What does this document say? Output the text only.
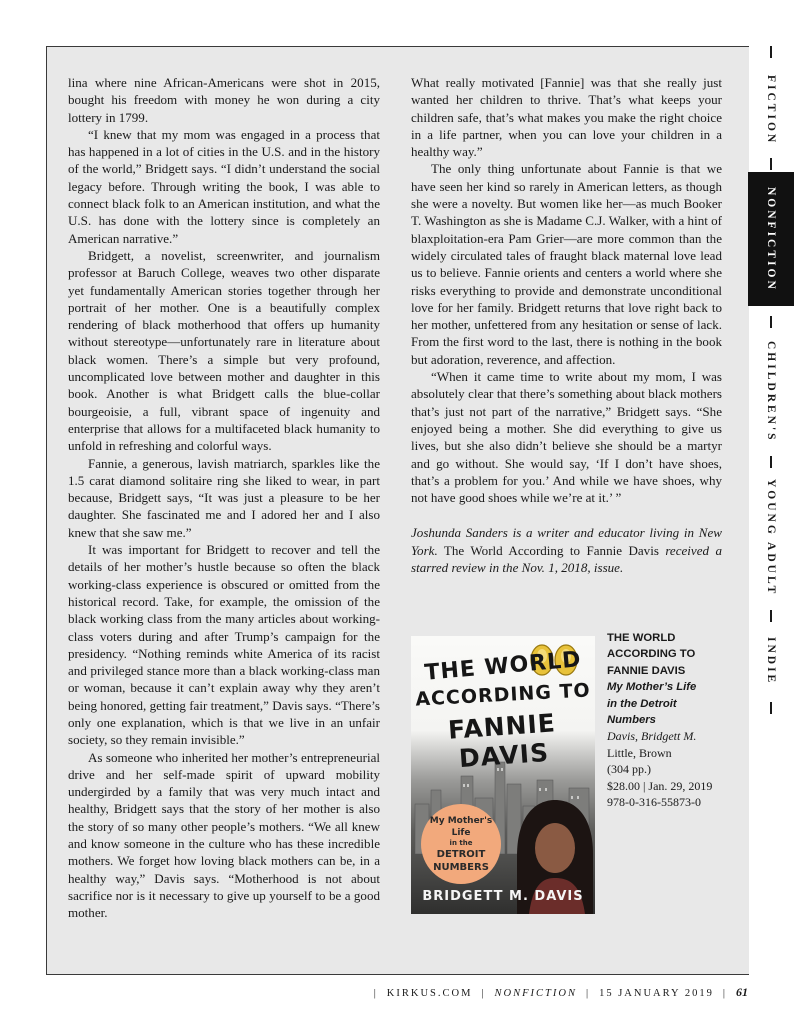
lina where nine African-Americans were shot in 2015, bought his freedom with money he won during a city lottery in 1799.

“I knew that my mom was engaged in a process that has happened in a lot of cities in the U.S. and in the history of the world,” Bridgett says. “I didn’t understand the social legacy before. Through writing the book, I was able to connect black folk to an American institution, and what the U.S. has done with the lottery since is completely an American narrative.”

Bridgett, a novelist, screenwriter, and journalism professor at Baruch College, weaves two other disparate yet fundamentally American stories together through her portrait of her mother. One is a beautifully complex rendering of black motherhood that offers up humanity without stereotype—unfortunately rare in literature about black women. There’s a simple but very profound, uncomplicated love between mother and daughter in this book. Another is what Bridgett calls the blue-collar bourgeoisie, a full, vibrant space of ingenuity and enterprise that allows for a multifaceted black humanity to unfold in refreshing and colorful ways.

Fannie, a generous, lavish matriarch, sparkles like the 1.5 carat diamond solitaire ring she liked to wear, in part because, Bridgett says, “It was just a pleasure to be her daughter. She fascinated me and I adored her and I also knew that she saw me.”

It was important for Bridgett to recover and tell the details of her mother’s hustle because so often the black working-class experience is obscured or omitted from the historical record. Take, for example, the omission of the black working class from the many articles about working-class voters during and after Trump’s campaign for the presidency. “Nothing reminds white America of its racist and privileged stance more than a black working-class man or woman, because it can’t explain away why they aren’t being honored, getting fair treatment,” Davis says. “There’s only one explanation, which is that we live in an unfair society, so they remain invisible.”

As someone who inherited her mother’s entrepreneurial drive and her self-made spirit of upward mobility undergirded by a family that was very much intact and healthy, Bridgett says that the story of her mother is also the story of so many other people’s mothers. “We all knew and know someone in the culture who has these incredible mothers. We forget how loving black mothers can be, in a healthy way,” Davis says. “Motherhood is not about sacrifice nor is it necessary to give up yourself to be a good mother.

What really motivated [Fannie] was that she really just wanted her children to thrive. That’s what keeps your children safe, that’s what makes you make the right choice in a life partner, when you can love your children in a healthy way.”

The only thing unfortunate about Fannie is that we have seen her kind so rarely in American letters, as though she were a novelty. But women like her—as much Booker T. Washington as she is Madame C.J. Walker, with a hint of blaxploitation-era Pam Grier—are more common than the widely circulated tales of fraught black maternal love lead us to believe. Fannie orients and centers a world where she risks everything to provide and demonstrate unconditional love for her family. Bridgett returns that love right back to her mother, unfettered from any hesitation or sense of lack. From the first word to the last, there is nothing in the book but adoration, reverence, and affection.

“When it came time to write about my mom, I was absolutely clear that there’s something about black mothers that’s just not part of the narrative,” Bridgett says. “She enjoyed being a mother. She did everything to give us lives, but she also didn’t believe she should be a martyr and go without. She would say, ‘If I don’t have shoes, that’s a problem for you.’ And while we have shoes, why not have good shoes while we’re at it.’ ”

Joshunda Sanders is a writer and educator living in New York. The World According to Fannie Davis received a starred review in the Nov. 1, 2018, issue.

THE WORLD
ACCORDING TO
FANNIE DAVIS
My Mother's
Life
in the
DETROIT
NUMBERS
BRIDGETT M. DAVIS
THE WORLD
ACCORDING TO
FANNIE DAVIS
My Mother’s Life
in the Detroit
Numbers
Davis, Bridgett M.
Little, Brown
(304 pp.)
$28.00 | Jan. 29, 2019
978-0-316-55873-0
FICTION
NONFICTION
CHILDREN'S
YOUNG ADULT
INDIE
| KIRKUS.COM | NONFICTION | 15 JANUARY 2019 | 61
